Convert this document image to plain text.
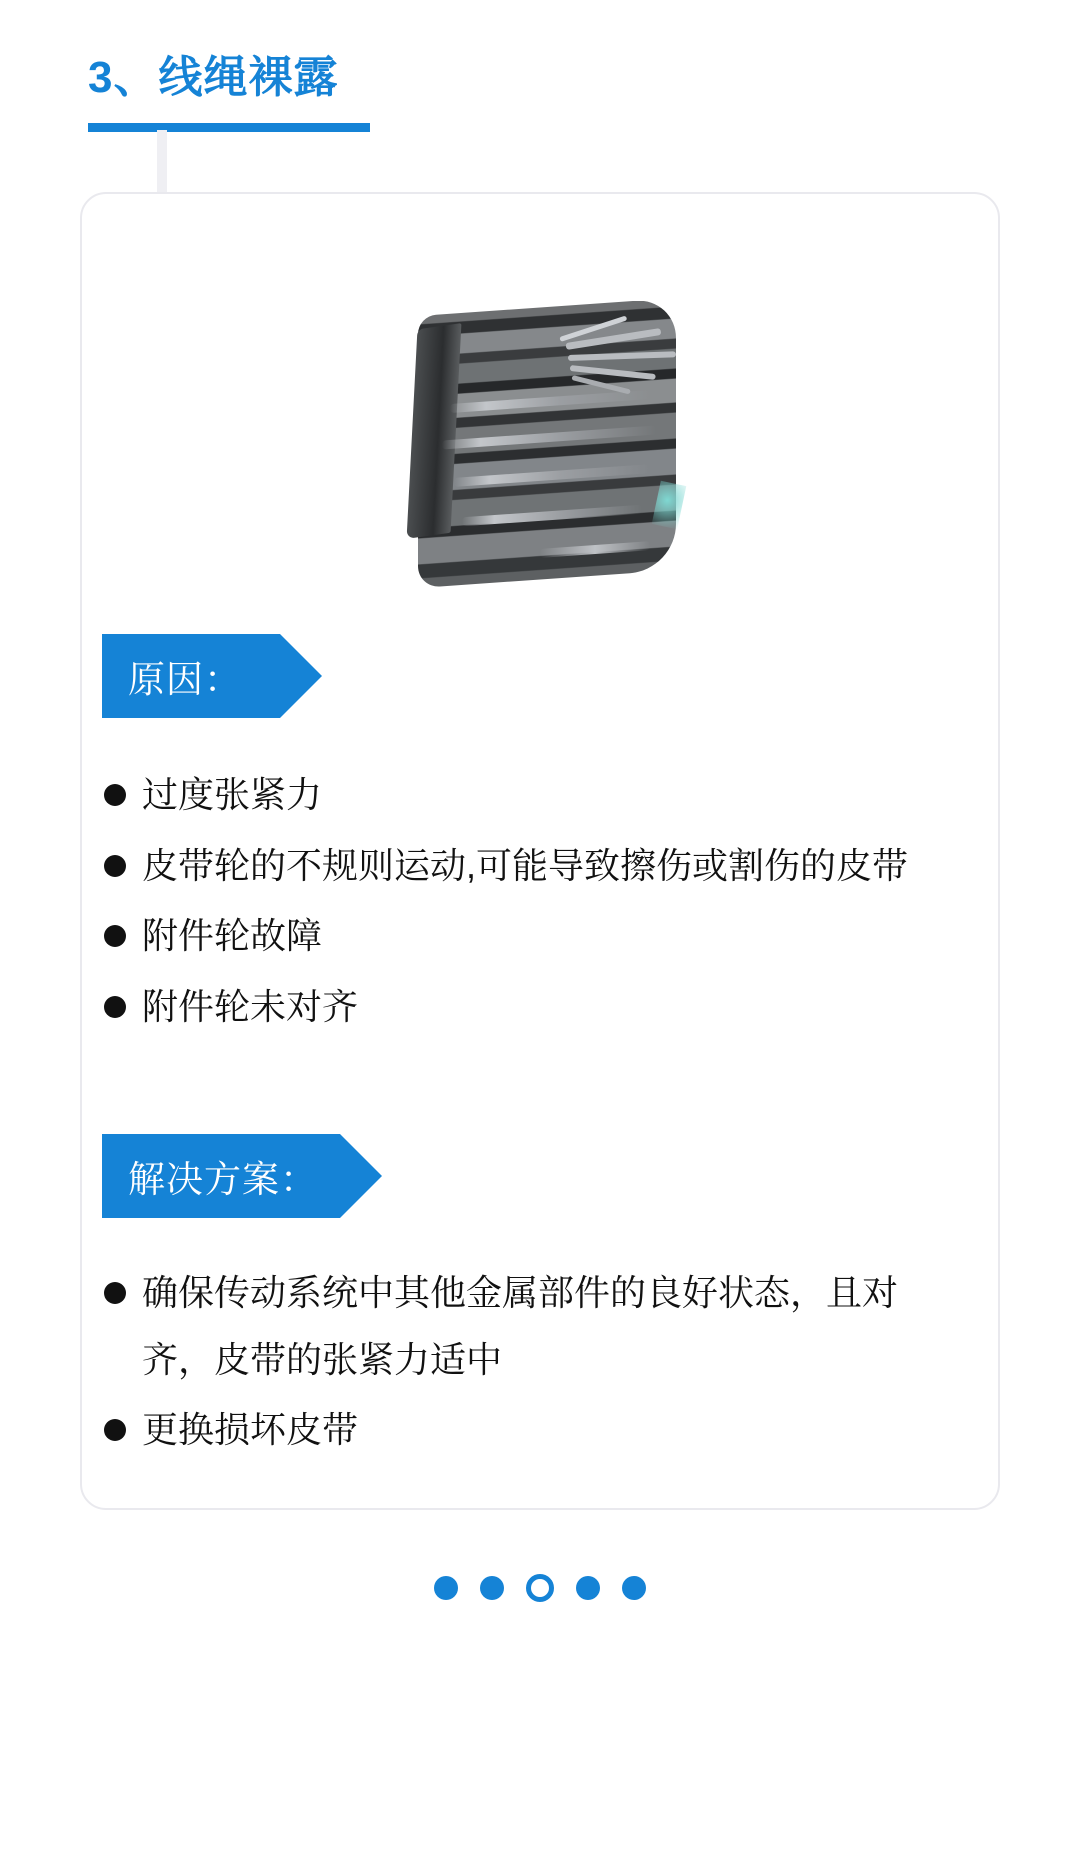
3、线绳裸露
原因：
过度张紧力
皮带轮的不规则运动,可能导致擦伤或割伤的皮带
附件轮故障
附件轮未对齐
解决方案：
确保传动系统中其他金属部件的良好状态，且对齐，皮带的张紧力适中
更换损坏皮带
